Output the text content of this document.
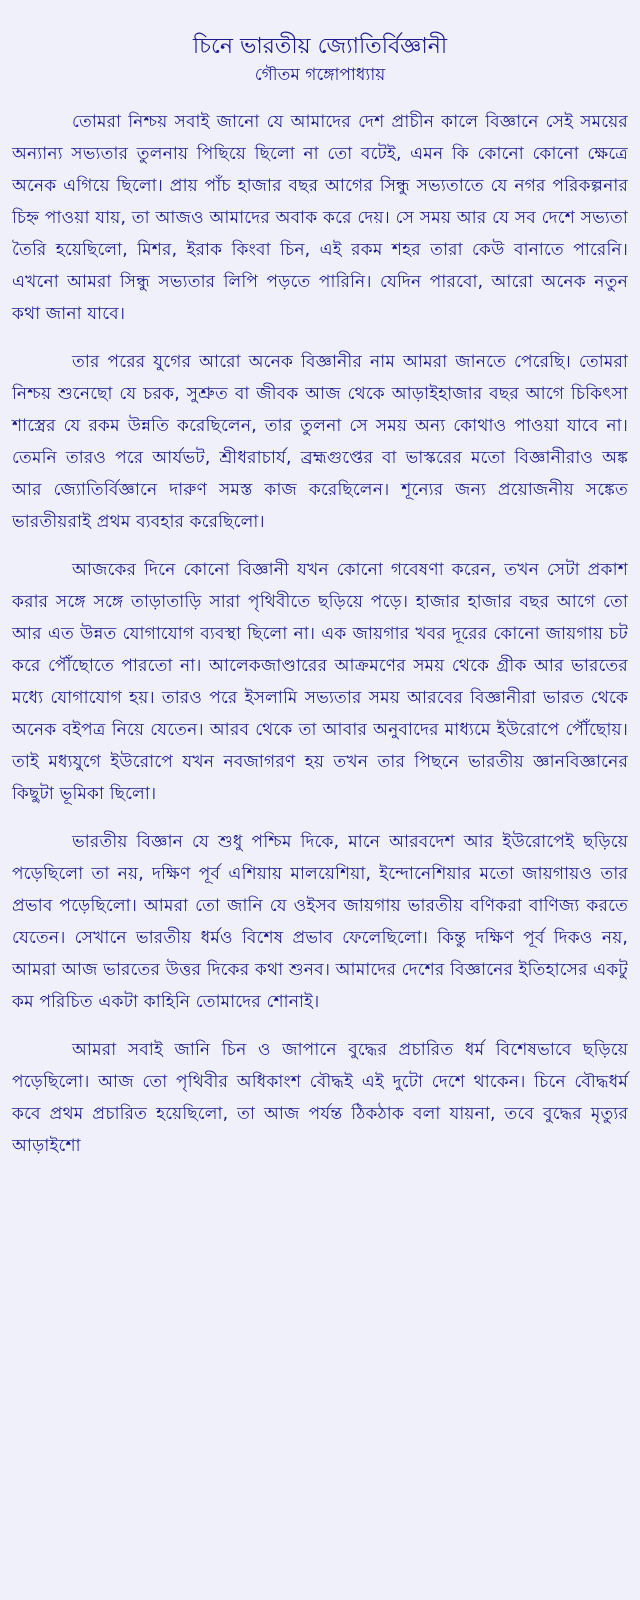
চিনে ভারতীয় জ্যোতির্বিজ্ঞানী
গৌতম গঙ্গোপাধ্যায়

তোমরা নিশ্চয় সবাই জানো যে আমাদের দেশ প্রাচীন কালে বিজ্ঞানে সেই সময়ের অন্যান্য সভ্যতার তুলনায় পিছিয়ে ছিলো না তো বটেই, এমন কি কোনো কোনো ক্ষেত্রে অনেক এগিয়ে ছিলো। প্রায় পাঁচ হাজার বছর আগের সিন্ধু সভ্যতাতে যে নগর পরিকল্পনার চিহ্ন পাওয়া যায়, তা আজও আমাদের অবাক করে দেয়। সে সময় আর যে সব দেশে সভ্যতা তৈরি হয়েছিলো, মিশর, ইরাক কিংবা চিন, এই রকম শহর তারা কেউ বানাতে পারেনি। এখনো আমরা সিন্ধু সভ্যতার লিপি পড়তে পারিনি। যেদিন পারবো, আরো অনেক নতুন কথা জানা যাবে।

তার পরের যুগের আরো অনেক বিজ্ঞানীর নাম আমরা জানতে পেরেছি। তোমরা নিশ্চয় শুনেছো যে চরক, সুশ্রুত বা জীবক আজ থেকে আড়াইহাজার বছর আগে চিকিৎসা শাস্ত্রের যে রকম উন্নতি করেছিলেন, তার তুলনা সে সময় অন্য কোথাও পাওয়া যাবে না। তেমনি তারও পরে আর্যভট, শ্রীধরাচার্য, ব্রহ্মগুপ্তের বা ভাস্করের মতো বিজ্ঞানীরাও অঙ্ক আর জ্যোতির্বিজ্ঞানে দারুণ সমস্ত কাজ করেছিলেন। শূন্যের জন্য প্রয়োজনীয় সঙ্কেত ভারতীয়রাই প্রথম ব্যবহার করেছিলো।

আজকের দিনে কোনো বিজ্ঞানী যখন কোনো গবেষণা করেন, তখন সেটা প্রকাশ করার সঙ্গে সঙ্গে তাড়াতাড়ি সারা পৃথিবীতে ছড়িয়ে পড়ে। হাজার হাজার বছর আগে তো আর এত উন্নত যোগাযোগ ব্যবস্থা ছিলো না। এক জায়গার খবর দূরের কোনো জায়গায় চট করে পৌঁছোতে পারতো না। আলেকজাণ্ডারের আক্রমণের সময় থেকে গ্রীক আর ভারতের মধ্যে যোগাযোগ হয়। তারও পরে ইসলামি সভ্যতার সময় আরবের বিজ্ঞানীরা ভারত থেকে অনেক বইপত্র নিয়ে যেতেন। আরব থেকে তা আবার অনুবাদের মাধ্যমে ইউরোপে পৌঁছোয়। তাই মধ্যযুগে ইউরোপে যখন নবজাগরণ হয় তখন তার পিছনে ভারতীয় জ্ঞানবিজ্ঞানের কিছুটা ভূমিকা ছিলো।

ভারতীয় বিজ্ঞান যে শুধু পশ্চিম দিকে, মানে আরবদেশ আর ইউরোপেই ছড়িয়ে পড়েছিলো তা নয়, দক্ষিণ পূর্ব এশিয়ায় মালয়েশিয়া, ইন্দোনেশিয়ার মতো জায়গায়ও তার প্রভাব পড়েছিলো। আমরা তো জানি যে ওইসব জায়গায় ভারতীয় বণিকরা বাণিজ্য করতে যেতেন। সেখানে ভারতীয় ধর্মও বিশেষ প্রভাব ফেলেছিলো। কিন্তু দক্ষিণ পূর্ব দিকও নয়, আমরা আজ ভারতের উত্তর দিকের কথা শুনব। আমাদের দেশের বিজ্ঞানের ইতিহাসের একটু কম পরিচিত একটা কাহিনি তোমাদের শোনাই।

আমরা সবাই জানি চিন ও জাপানে বুদ্ধের প্রচারিত ধর্ম বিশেষভাবে ছড়িয়ে পড়েছিলো। আজ তো পৃথিবীর অধিকাংশ বৌদ্ধই এই দুটো দেশে থাকেন। চিনে বৌদ্ধধর্ম কবে প্রথম প্রচারিত হয়েছিলো, তা আজ পর্যন্ত ঠিকঠাক বলা যায়না, তবে বুদ্ধের মৃত্যুর আড়াইশো
